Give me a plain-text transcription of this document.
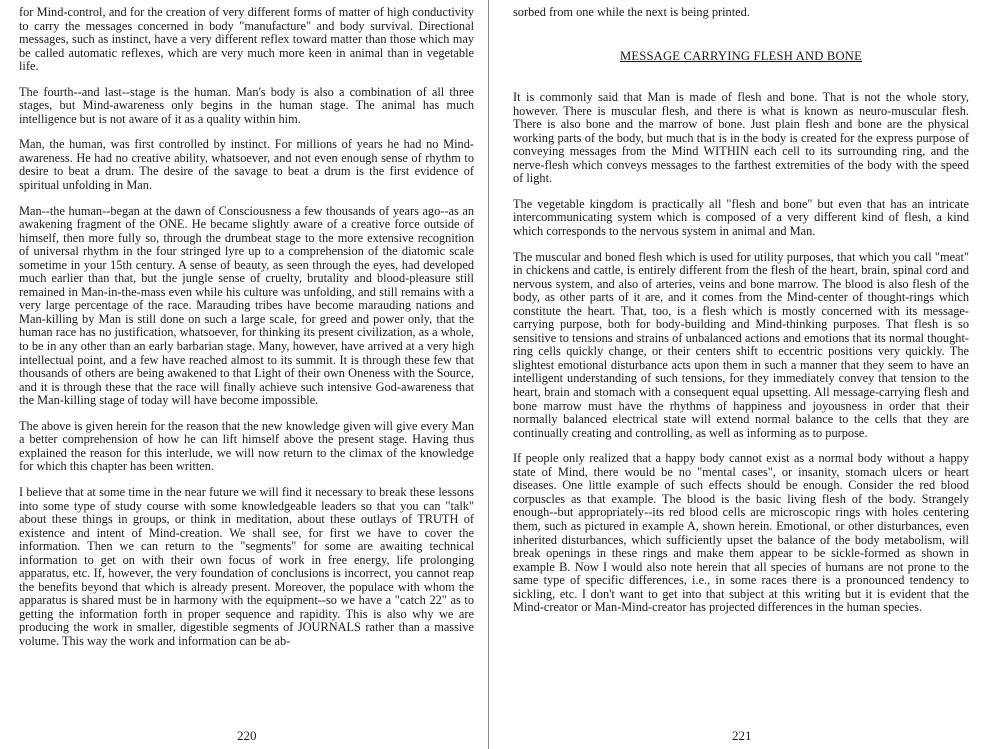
for Mind-control, and for the creation of very different forms of matter of high conductivity to carry the messages concerned in body "manufacture" and body survival. Directional messages, such as instinct, have a very different reflex toward matter than those which may be called automatic reflexes, which are very much more keen in animal than in vegetable life.

The fourth--and last--stage is the human. Man's body is also a combination of all three stages, but Mind-awareness only begins in the human stage. The animal has much intelligence but is not aware of it as a quality within him.

Man, the human, was first controlled by instinct. For millions of years he had no Mind-awareness. He had no creative ability, whatsoever, and not even enough sense of rhythm to desire to beat a drum. The desire of the savage to beat a drum is the first evidence of spiritual unfolding in Man.

Man--the human--began at the dawn of Consciousness a few thousands of years ago--as an awakening fragment of the ONE. He became slightly aware of a creative force outside of himself, then more fully so, through the drumbeat stage to the more extensive recognition of universal rhythm in the four stringed lyre up to a comprehension of the diatomic scale sometime in your 15th century. A sense of beauty, as seen through the eyes, had developed much earlier than that, but the jungle sense of cruelty, brutality and blood-pleasure still remained in Man-in-the-mass even while his culture was unfolding, and still remains with a very large percentage of the race. Marauding tribes have become marauding nations and Man-killing by Man is still done on such a large scale, for greed and power only, that the human race has no justification, whatsoever, for thinking its present civilization, as a whole, to be in any other than an early barbarian stage. Many, however, have arrived at a very high intellectual point, and a few have reached almost to its summit. It is through these few that thousands of others are being awakened to that Light of their own Oneness with the Source, and it is through these that the race will finally achieve such intensive God-awareness that the Man-killing stage of today will have become impossible.

The above is given herein for the reason that the new knowledge given will give every Man a better comprehension of how he can lift himself above the present stage. Having thus explained the reason for this interlude, we will now return to the climax of the knowledge for which this chapter has been written.

I believe that at some time in the near future we will find it necessary to break these lessons into some type of study course with some knowledgeable leaders so that you can "talk" about these things in groups, or think in meditation, about these outlays of TRUTH of existence and intent of Mind-creation. We shall see, for first we have to cover the information. Then we can return to the "segments" for some are awaiting technical information to get on with their own focus of work in free energy, life prolonging apparatus, etc. If, however, the very foundation of conclusions is incorrect, you cannot reap the benefits beyond that which is already present. Moreover, the populace with whom the apparatus is shared must be in harmony with the equipment--so we have a "catch 22" as to getting the information forth in proper sequence and rapidity. This is also why we are producing the work in smaller, digestible segments of JOURNALS rather than a massive volume. This way the work and information can be ab-

sorbed from one while the next is being printed.

MESSAGE CARRYING FLESH AND BONE

It is commonly said that Man is made of flesh and bone. That is not the whole story, however. There is muscular flesh, and there is what is known as neuro-muscular flesh. There is also bone and the marrow of bone. Just plain flesh and bone are the physical working parts of the body, but much that is in the body is created for the express purpose of conveying messages from the Mind WITHIN each cell to its surrounding ring, and the nerve-flesh which conveys messages to the farthest extremities of the body with the speed of light.

The vegetable kingdom is practically all "flesh and bone" but even that has an intricate intercommunicating system which is composed of a very different kind of flesh, a kind which corresponds to the nervous system in animal and Man.

The muscular and boned flesh which is used for utility purposes, that which you call "meat" in chickens and cattle, is entirely different from the flesh of the heart, brain, spinal cord and nervous system, and also of arteries, veins and bone marrow. The blood is also flesh of the body, as other parts of it are, and it comes from the Mind-center of thought-rings which constitute the heart. That, too, is a flesh which is mostly concerned with its message-carrying purpose, both for body-building and Mind-thinking purposes. That flesh is so sensitive to tensions and strains of unbalanced actions and emotions that its normal thought-ring cells quickly change, or their centers shift to eccentric positions very quickly. The slightest emotional disturbance acts upon them in such a manner that they seem to have an intelligent understanding of such tensions, for they immediately convey that tension to the heart, brain and stomach with a consequent equal upsetting. All message-carrying flesh and bone marrow must have the rhythms of happiness and joyousness in order that their normally balanced electrical state will extend normal balance to the cells that they are continually creating and controlling, as well as informing as to purpose.

If people only realized that a happy body cannot exist as a normal body without a happy state of Mind, there would be no "mental cases", or insanity, stomach ulcers or heart diseases. One little example of such effects should be enough. Consider the red blood corpuscles as that example. The blood is the basic living flesh of the body. Strangely enough--but appropriately--its red blood cells are microscopic rings with holes centering them, such as pictured in example A, shown herein. Emotional, or other disturbances, even inherited disturbances, which sufficiently upset the balance of the body metabolism, will break openings in these rings and make them appear to be sickle-formed as shown in example B. Now I would also note herein that all species of humans are not prone to the same type of specific differences, i.e., in some races there is a pronounced tendency to sickling, etc. I don't want to get into that subject at this writing but it is evident that the Mind-creator or Man-Mind-creator has projected differences in the human species.

220	221
